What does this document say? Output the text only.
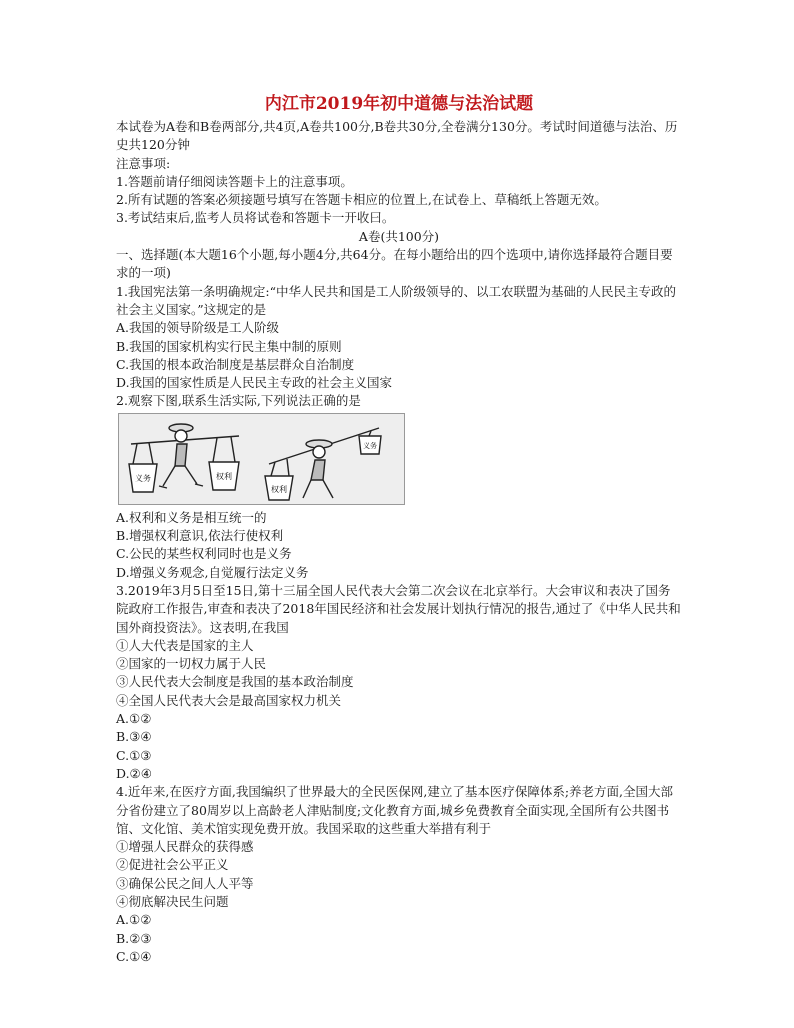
内江市2019年初中道德与法治试题
本试卷为A卷和B卷两部分,共4页,A卷共100分,B卷共30分,全卷满分130分。考试时间道德与法治、历史共120分钟
注意事项:
1.答题前请仔细阅读答题卡上的注意事项。
2.所有试题的答案必须接题号填写在答题卡相应的位置上,在试卷上、草稿纸上答题无效。
3.考试结束后,监考人员将试卷和答题卡一开收曰。
A卷(共100分)
一、选择题(本大题16个小题,每小题4分,共64分。在每小题给出的四个选项中,请你选择最符合题目要求的一项)
1.我国宪法第一条明确规定:“中华人民共和国是工人阶级领导的、以工农联盟为基础的人民民主专政的社会主义国家。”这规定的是
A.我国的领导阶级是工人阶级
B.我国的国家机构实行民主集中制的原则
C.我国的根本政治制度是基层群众自治制度
D.我国的国家性质是人民民主专政的社会主义国家
2.观察下图,联系生活实际,下列说法正确的是
义务	权利
权利
义务
A.权利和义务是相互统一的
B.增强权利意识,依法行使权利
C.公民的某些权利同时也是义务
D.增强义务观念,自觉履行法定义务
3.2019年3月5日至15日,第十三届全国人民代表大会第二次会议在北京举行。大会审议和表决了国务院政府工作报告,审查和表决了2018年国民经济和社会发展计划执行情况的报告,通过了《中华人民共和国外商投资法》。这表明,在我国
①人大代表是国家的主人
②国家的一切权力属于人民
③人民代表大会制度是我国的基本政治制度
④全国人民代表大会是最高国家权力机关
A.①②
B.③④
C.①③
D.②④
4.近年来,在医疗方面,我国编织了世界最大的全民医保网,建立了基本医疗保障体系;养老方面,全国大部分省份建立了80周岁以上高龄老人津贴制度;文化教育方面,城乡免费教育全面实现,全国所有公共图书馆、文化馆、美术馆实现免费开放。我国采取的这些重大举措有利于
①增强人民群众的获得感
②促进社会公平正义
③确保公民之间人人平等
④彻底解决民生问题
A.①②
B.②③
C.①④
